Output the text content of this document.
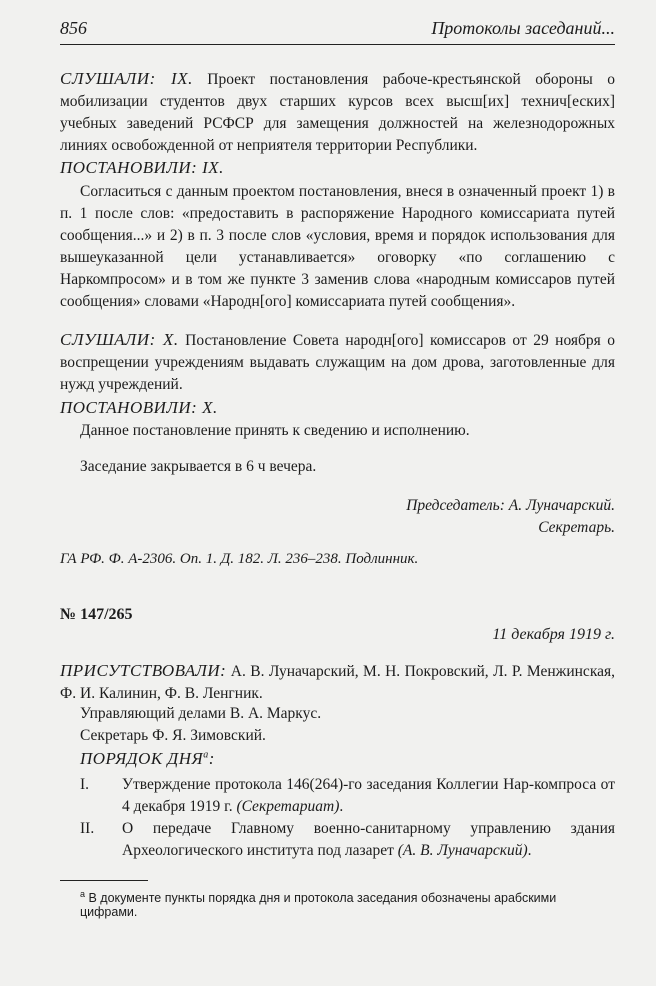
856	Протоколы заседаний...

СЛУШАЛИ: IX. Проект постановления рабоче-крестьянской обороны о мобилизации студентов двух старших курсов всех высш[их] технич[еских] учебных заведений РСФСР для замещения должностей на железнодорожных линиях освобожденной от неприятеля территории Республики.

ПОСТАНОВИЛИ: IX.

Согласиться с данным проектом постановления, внеся в означенный проект 1) в п. 1 после слов: «предоставить в распоряжение Народного комиссариата путей сообщения...» и 2) в п. 3 после слов «условия, время и порядок использования для вышеуказанной цели устанавливается» оговорку «по соглашению с Наркомпросом» и в том же пункте 3 заменив слова «народным комиссаров путей сообщения» словами «Народн[ого] комиссариата путей сообщения».

СЛУШАЛИ: X. Постановление Совета народн[ого] комиссаров от 29 ноября о воспрещении учреждениям выдавать служащим на дом дрова, заготовленные для нужд учреждений.

ПОСТАНОВИЛИ: X.

Данное постановление принять к сведению и исполнению.

Заседание закрывается в 6 ч вечера.

Председатель: А. Луначарский.
Секретарь.
ГА РФ. Ф. А-2306. Оп. 1. Д. 182. Л. 236–238. Подлинник.
№ 147/265
11 декабря 1919 г.

ПРИСУТСТВОВАЛИ: А. В. Луначарский, М. Н. Покровский, Л. Р. Менжинская, Ф. И. Калинин, Ф. В. Ленгник.

Управляющий делами В. А. Маркус.

Секретарь Ф. Я. Зимовский.

ПОРЯДОК $ДНЯ^а$:

I. Утверждение протокола 146(264)-го заседания Коллегии Нар-компроса от 4 декабря 1919 г. (Секретариат).
II. О передаче Главному военно-санитарному управлению здания Археологического института под лазарет (А. В. Луначарский).
$^а$ В документе пункты порядка дня и протокола заседания обозначены арабскими цифрами.
